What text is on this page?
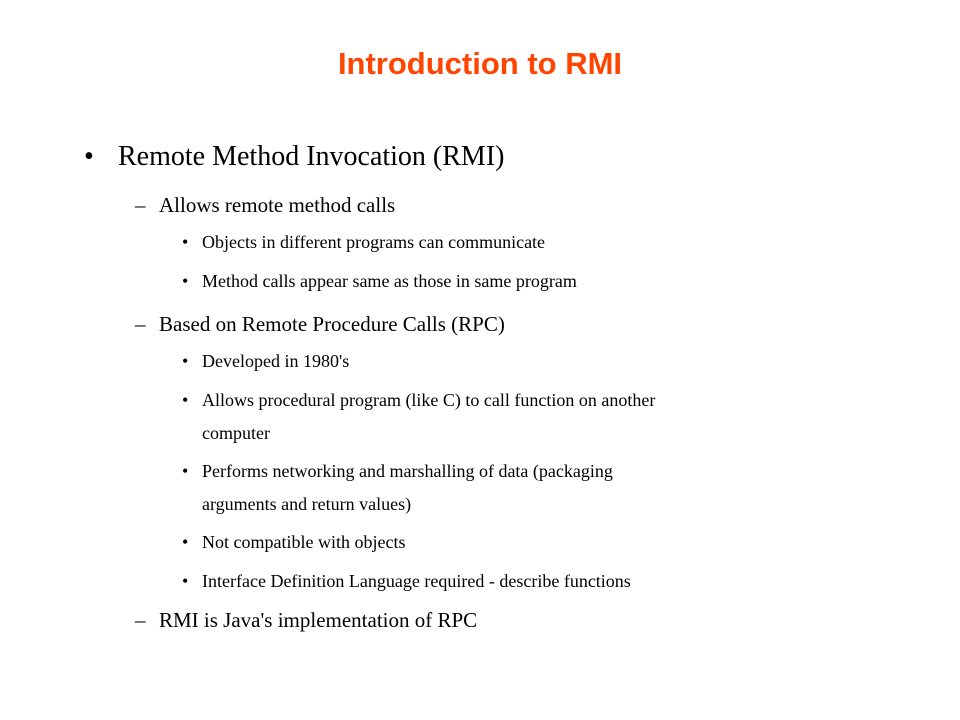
Introduction to RMI
• Remote Method Invocation (RMI)
– Allows remote method calls
• Objects in different programs can communicate
• Method calls appear same as those in same program
– Based on Remote Procedure Calls (RPC)
• Developed in 1980's
• Allows procedural program (like C) to call function on another
computer
• Performs networking and marshalling of data (packaging
arguments and return values)
• Not compatible with objects
• Interface Definition Language required - describe functions
– RMI is Java's implementation of RPC
